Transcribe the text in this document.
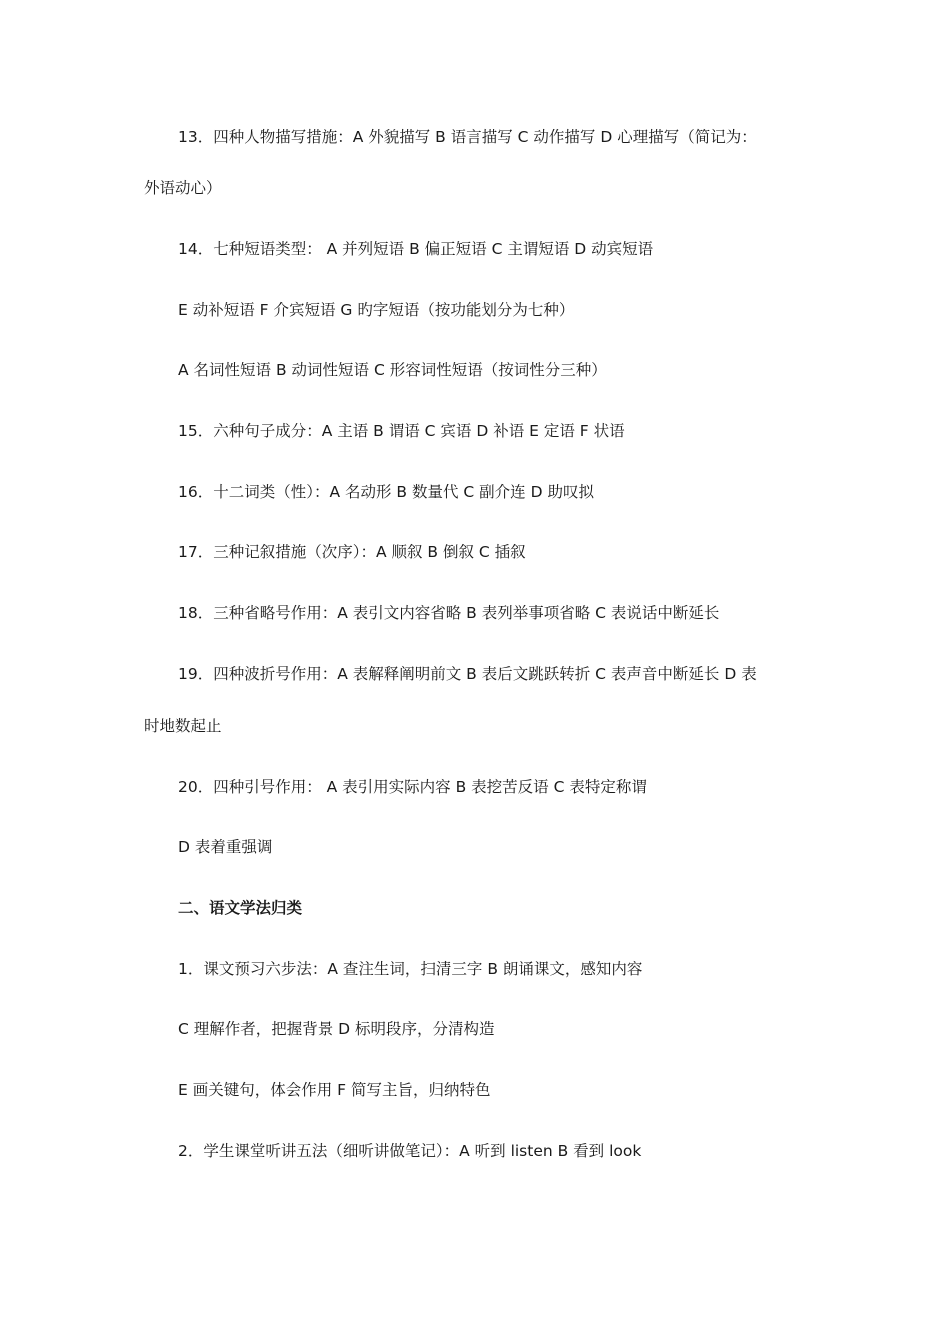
13．四种人物描写措施：A 外貌描写 B 语言描写 C 动作描写 D 心理描写（简记为：
外语动心）
14．七种短语类型： A 并列短语 B 偏正短语 C 主谓短语 D 动宾短语
E 动补短语 F 介宾短语 G 旳字短语（按功能划分为七种）
A 名词性短语 B 动词性短语 C 形容词性短语（按词性分三种）
15．六种句子成分：A 主语 B 谓语 C 宾语 D 补语 E 定语 F 状语
16．十二词类（性）：A 名动形 B 数量代 C 副介连 D 助叹拟
17．三种记叙措施（次序）：A 顺叙 B 倒叙 C 插叙
18．三种省略号作用：A 表引文内容省略 B 表列举事项省略 C 表说话中断延长
19．四种波折号作用：A 表解释阐明前文 B 表后文跳跃转折 C 表声音中断延长 D 表
时地数起止
20．四种引号作用： A 表引用实际内容 B 表挖苦反语 C 表特定称谓
D 表着重强调
二、语文学法归类
1．课文预习六步法：A 查注生词，扫清三字 B 朗诵课文，感知内容
C 理解作者，把握背景 D 标明段序，分清构造
E 画关键句，体会作用 F 简写主旨，归纳特色
2．学生课堂听讲五法（细听讲做笔记）：A 听到 listen B 看到 look
